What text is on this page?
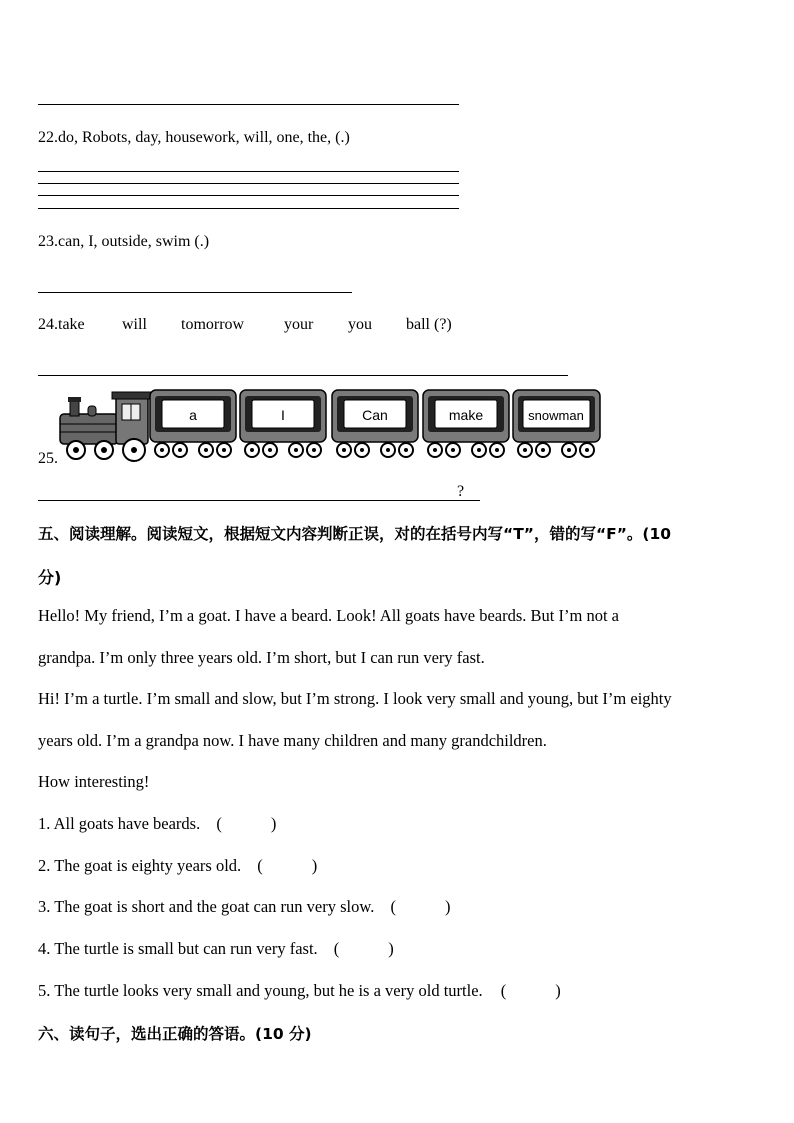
22.do, Robots, day, housework, will, one, the, (.)
23.can, I, outside, swim (.)
24.take will tomorrow your you ball (?)
25.
a	I	Can	make	snowman
?
五、阅读理解。阅读短文，根据短文内容判断正误，对的在括号内写“T”，错的写“F”。(10
分)
Hello! My friend, I’m a goat. I have a beard. Look! All goats have beards. But I’m not a
grandpa. I’m only three years old. I’m short, but I can run very fast.
Hi! I’m a turtle. I’m small and slow, but I’m strong. I look very small and young, but I’m eighty
years old. I’m a grandpa now. I have many children and many grandchildren.
How interesting!
1. All goats have beards. (	)

2. The goat is eighty years old. (	)

3. The goat is short and the goat can run very slow. (	)

4. The turtle is small but can run very fast. (	)

5. The turtle looks very small and young, but he is a very old turtle. (	)

六、读句子，选出正确的答语。(10 分)
